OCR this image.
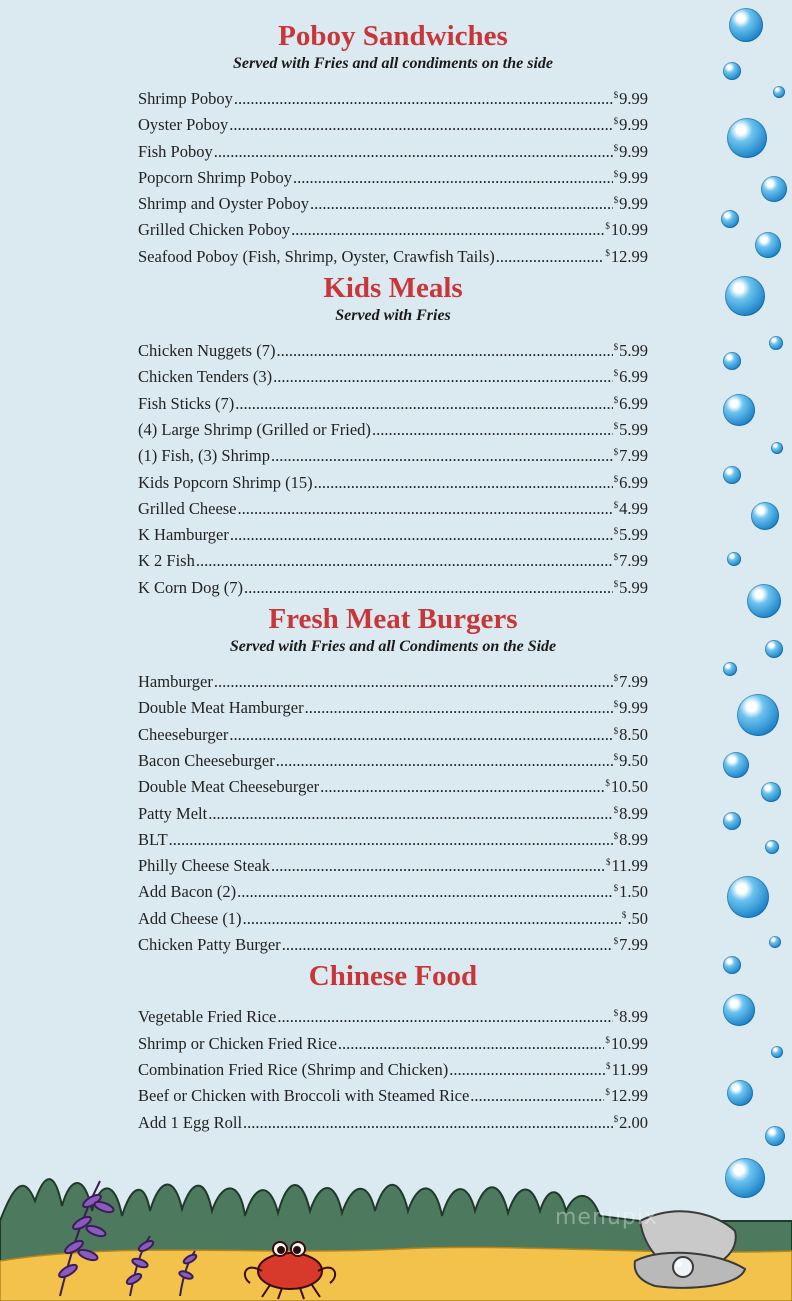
Poboy Sandwiches

Served with Fries and all condiments on the side

Shrimp Poboy .....	$9.99
Oyster Poboy .....	$9.99
Fish Poboy .....	$9.99
Popcorn Shrimp Poboy .....	$9.99
Shrimp and Oyster Poboy .....	$9.99
Grilled Chicken Poboy .....	$10.99
Seafood Poboy (Fish, Shrimp, Oyster, Crawfish Tails) .....	$12.99
Kids Meals

Served with Fries

Chicken Nuggets (7) .....	$5.99
Chicken Tenders (3) .....	$6.99
Fish Sticks (7) .....	$6.99
(4) Large Shrimp (Grilled or Fried) .....	$5.99
(1) Fish, (3) Shrimp .....	$7.99
Kids Popcorn Shrimp (15) .....	$6.99
Grilled Cheese .....	$4.99
K Hamburger .....	$5.99
K 2 Fish .....	$7.99
K Corn Dog (7) .....	$5.99
Fresh Meat Burgers

Served with Fries and all Condiments on the Side

Hamburger .....	$7.99
Double Meat Hamburger .....	$9.99
Cheeseburger .....	$8.50
Bacon Cheeseburger .....	$9.50
Double Meat Cheeseburger .....	$10.50
Patty Melt .....	$8.99
BLT .....	$8.99
Philly Cheese Steak .....	$11.99
Add Bacon (2) .....	$1.50
Add Cheese (1) .....	$.50
Chicken Patty Burger .....	$7.99
Chinese Food
Vegetable Fried Rice .....	$8.99
Shrimp or Chicken Fried Rice .....	$10.99
Combination Fried Rice (Shrimp and Chicken) .....	$11.99
Beef or Chicken with Broccoli with Steamed Rice .....	$12.99
Add 1 Egg Roll .....	$2.00
menupix
